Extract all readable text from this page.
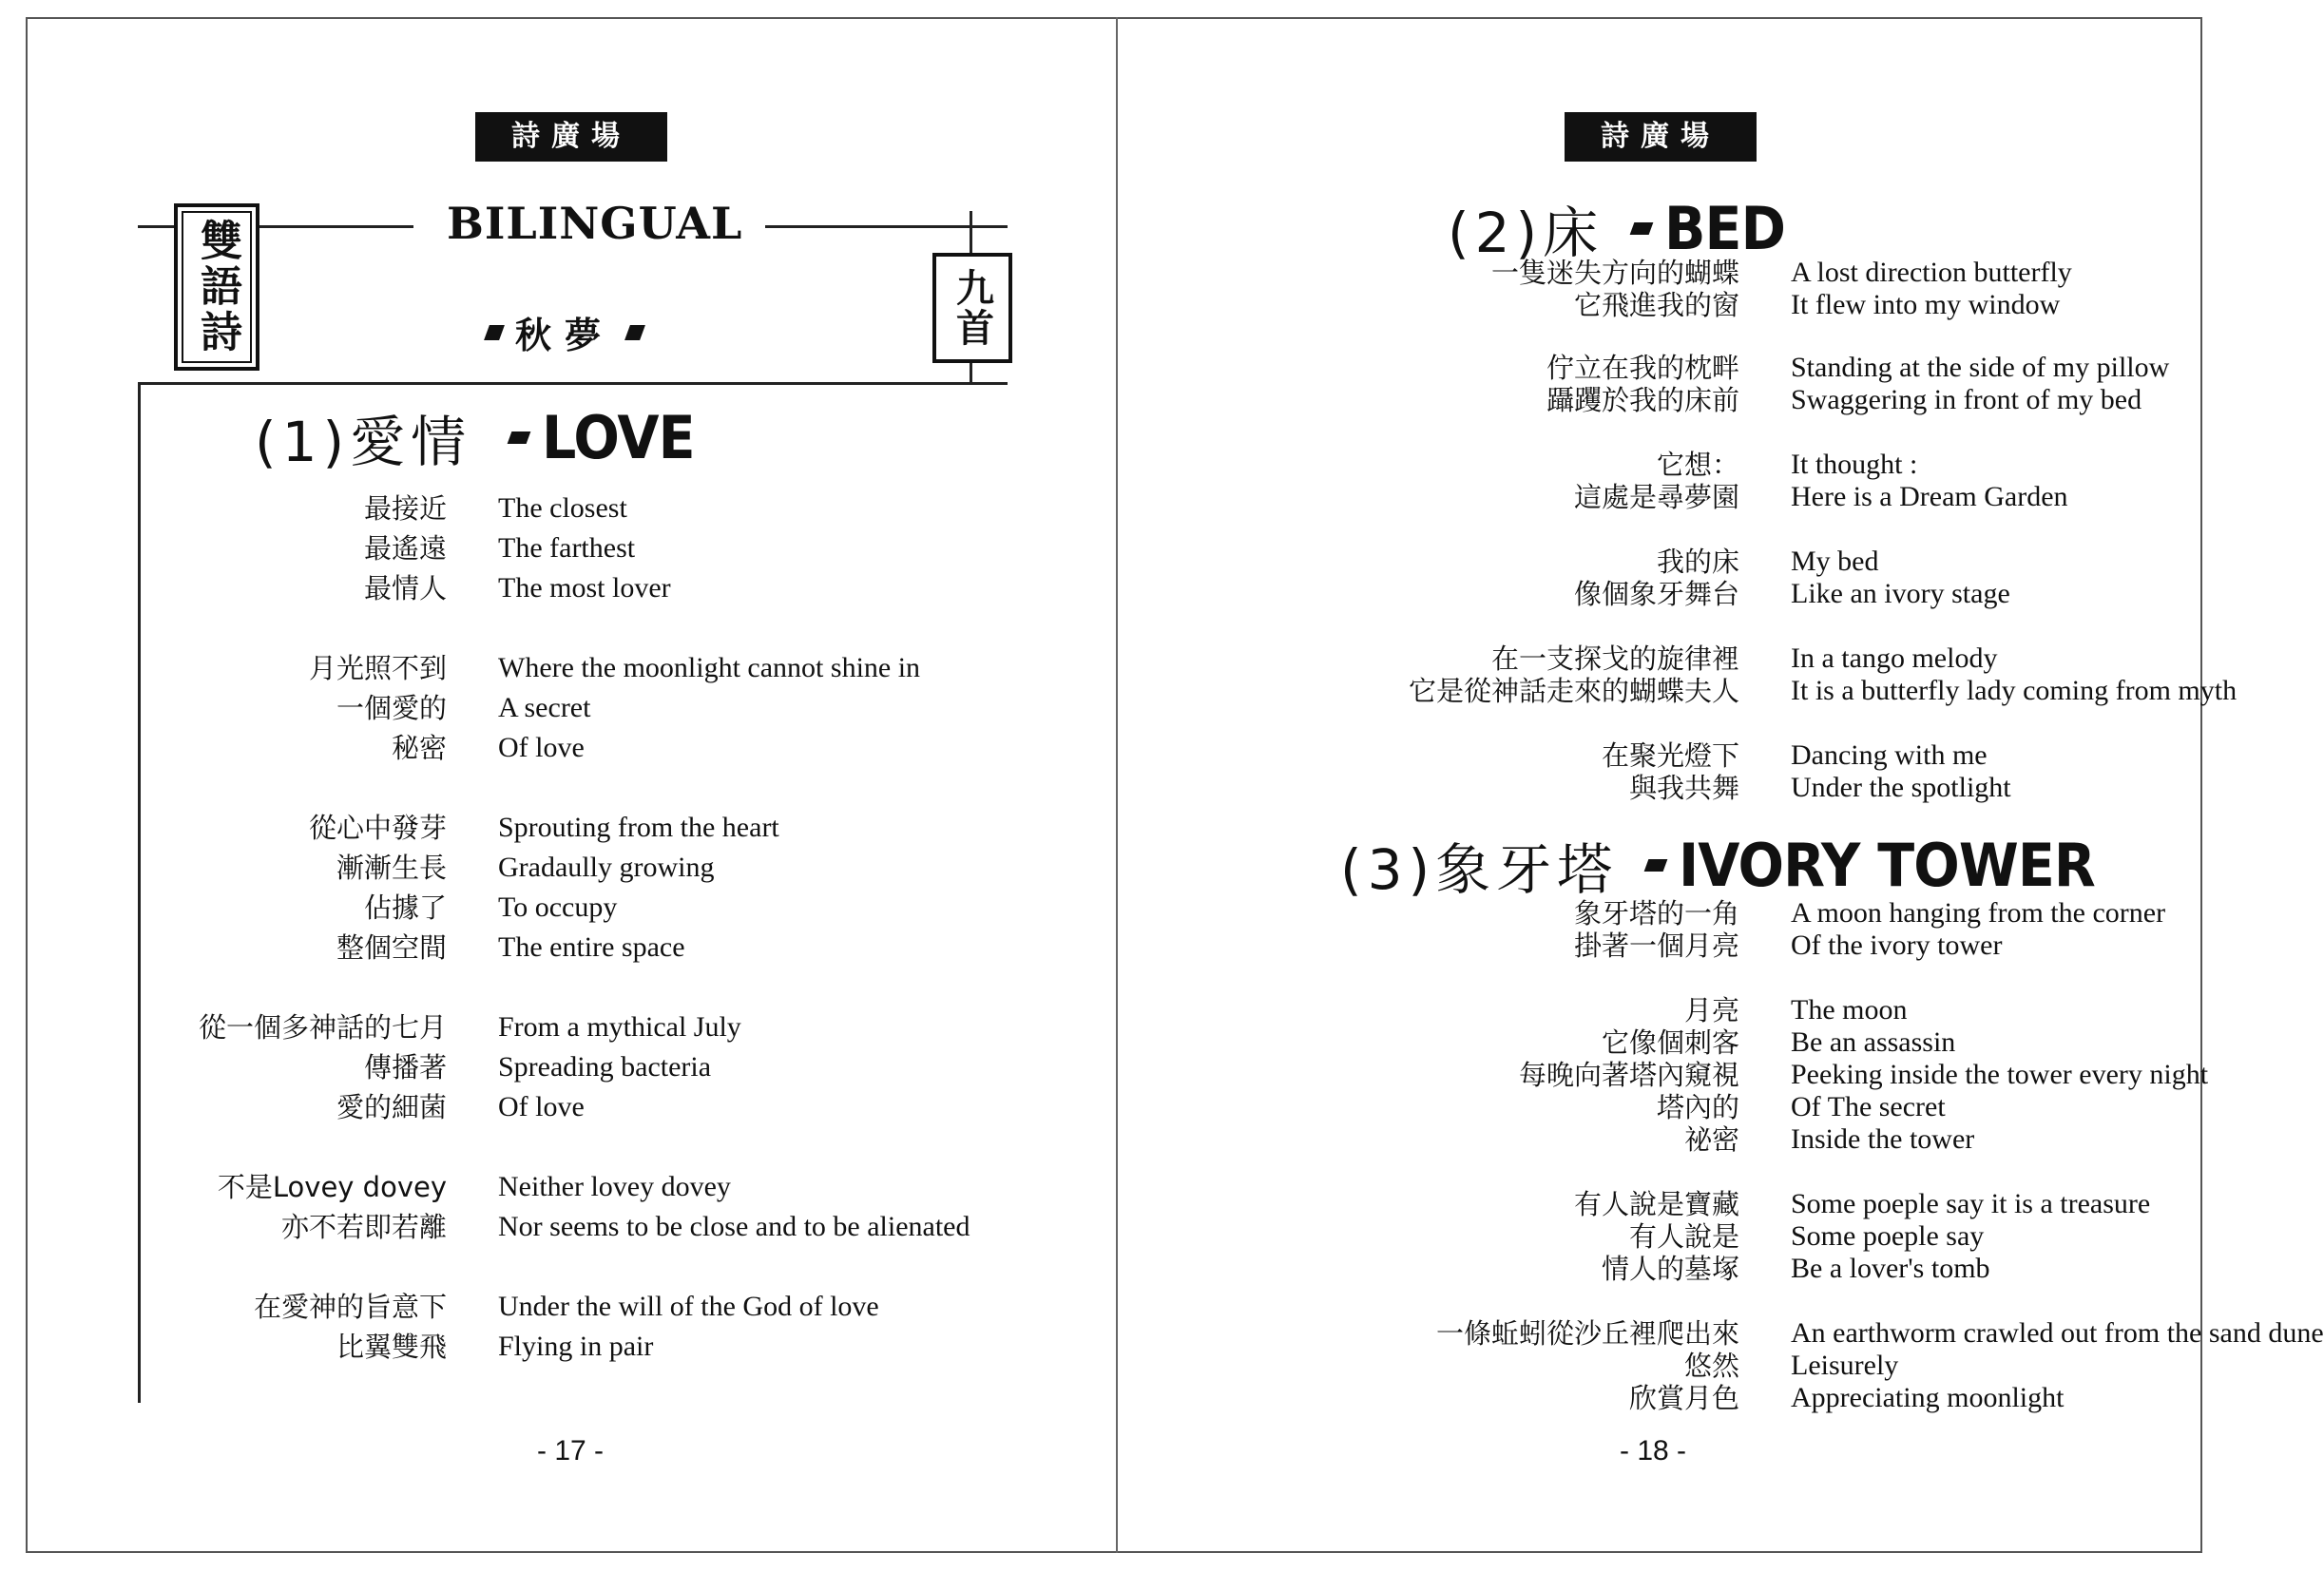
詩廣場
雙語詩	九首
BILINGUAL
秋夢
(1)愛情 LOVE
最接近 The closest
最遙遠 The farthest
最情人 The most lover
月光照不到 Where the moonlight cannot shine in
一個愛的 A secret
秘密 Of love
從心中發芽 Sprouting from the heart
漸漸生長 Gradaully growing
佔據了 To occupy
整個空間 The entire space
從一個多神話的七月 From a mythical July
傳播著 Spreading bacteria
愛的細菌 Of love
不是Lovey dovey Neither lovey dovey
亦不若即若離 Nor seems to be close and to be alienated
在愛神的旨意下 Under the will of the God of love
比翼雙飛 Flying in pair
- 17 -
詩廣場
(2)床 BED
(3)象牙塔 IVORY TOWER
一隻迷失方向的蝴蝶 A lost direction butterfly
它飛進我的窗 It flew into my window
佇立在我的枕畔 Standing at the side of my pillow
躡躩於我的床前 Swaggering in front of my bed
它想： It thought :
這處是尋夢園 Here is a Dream Garden
我的床 My bed
像個象牙舞台 Like an ivory stage
在一支探戈的旋律裡 In a tango melody
它是從神話走來的蝴蝶夫人 It is a butterfly lady coming from myth
在聚光燈下 Dancing with me
與我共舞 Under the spotlight
象牙塔的一角 A moon hanging from the corner
掛著一個月亮 Of the ivory tower
月亮 The moon
它像個刺客 Be an assassin
每晚向著塔內窺視 Peeking inside the tower every night
塔內的 Of The secret
祕密 Inside the tower
有人說是寶藏 Some poeple say it is a treasure
有人說是 Some poeple say
情人的墓塚 Be a lover's tomb
一條蚯蚓從沙丘裡爬出來 An earthworm crawled out from the sand dune
悠然 Leisurely
欣賞月色 Appreciating moonlight
- 18 -
